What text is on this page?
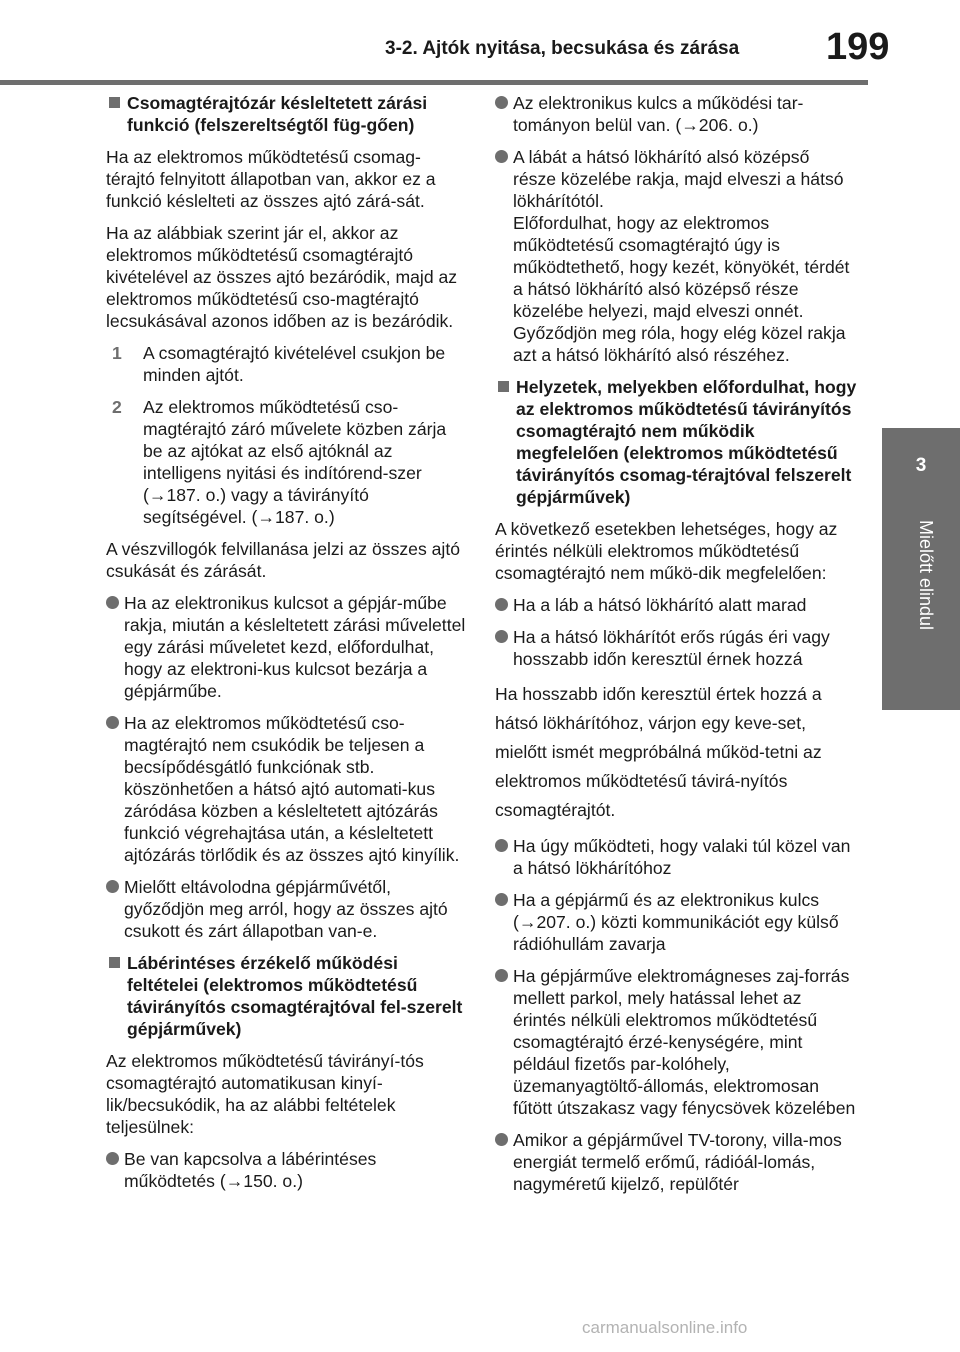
3-2. Ajtók nyitása, becsukása és zárása 199
3
Mielőtt elindul
Csomagtérajtózár késleltetett zárási funkció (felszereltségtől füg-gően)

Ha az elektromos működtetésű csomag-térajtó felnyitott állapotban van, akkor ez a funkció késlelteti az összes ajtó zárá-sát.

Ha az alábbiak szerint jár el, akkor az elektromos működtetésű csomagtérajtó kivételével az összes ajtó bezáródik, majd az elektromos működtetésű cso-magtérajtó lecsukásával azonos időben az is bezáródik.

1	A csomagtérajtó kivételével csukjon be minden ajtót.
2	Az elektromos működtetésű cso-magtérajtó záró művelete közben zárja be az ajtókat az első ajtóknál az intelligens nyitási és indítórend-szer (→187. o.) vagy a távirányító segítségével. (→187. o.)

A vészvillogók felvillanása jelzi az összes ajtó csukását és zárását.

Ha az elektronikus kulcsot a gépjár-műbe rakja, miután a késleltetett zárási művelettel egy zárási műveletet kezd, előfordulhat, hogy az elektroni-kus kulcsot bezárja a gépjárműbe.
Ha az elektromos működtetésű cso-magtérajtó nem csukódik be teljesen a becsípődésgátló funkciónak stb. köszönhetően a hátsó ajtó automati-kus záródása közben a késleltetett ajtózárás funkció végrehajtása után, a késleltetett ajtózárás törlődik és az összes ajtó kinyílik.
Mielőtt eltávolodna gépjárművétől, győződjön meg arról, hogy az összes ajtó csukott és zárt állapotban van-e.
Lábérintéses érzékelő működési feltételei (elektromos működtetésű távirányítós csomagtérajtóval fel-szerelt gépjárművek)

Az elektromos működtetésű távirányí-tós csomagtérajtó automatikusan kinyí-lik/becsukódik, ha az alábbi feltételek teljesülnek:

Be van kapcsolva a lábérintéses működtetés (→150. o.)
Az elektronikus kulcs a működési tar-tományon belül van. (→206. o.)
A lábát a hátsó lökhárító alsó középső része közelébe rakja, majd elveszi a hátsó lökhárítótól.
Előfordulhat, hogy az elektromos működtetésű csomagtérajtó úgy is működtethető, hogy kezét, könyökét, térdét a hátsó lökhárító alsó középső része közelébe helyezi, majd elveszi onnét. Győződjön meg róla, hogy elég közel rakja azt a hátsó lökhárító alsó részéhez.
Helyzetek, melyekben előfordulhat, hogy az elektromos működtetésű távirányítós csomagtérajtó nem működik megfelelően (elektromos működtetésű távirányítós csomag-térajtóval felszerelt gépjárművek)

A következő esetekben lehetséges, hogy az érintés nélküli elektromos működtetésű csomagtérajtó nem műkö-dik megfelelően:

Ha a láb a hátsó lökhárító alatt marad
Ha a hátsó lökhárítót erős rúgás éri vagy hosszabb időn keresztül érnek hozzá

Ha hosszabb időn keresztül értek hozzá a hátsó lökhárítóhoz, várjon egy keve-set, mielőtt ismét megpróbálná működ-tetni az elektromos működtetésű távirá-nyítós csomagtérajtót.

Ha úgy működteti, hogy valaki túl közel van a hátsó lökhárítóhoz
Ha a gépjármű és az elektronikus kulcs (→207. o.) közti kommunikációt egy külső rádióhullám zavarja
Ha gépjárműve elektromágneses zaj-forrás mellett parkol, mely hatással lehet az érintés nélküli elektromos működtetésű csomagtérajtó érzé-kenységére, mint például fizetős par-kolóhely, üzemanyagtöltő-állomás, elektromosan fűtött útszakasz vagy fénycsövek közelében
Amikor a gépjárművel TV-torony, villa-mos energiát termelő erőmű, rádióál-lomás, nagyméretű kijelző, repülőtér
carmanualsonline.info
